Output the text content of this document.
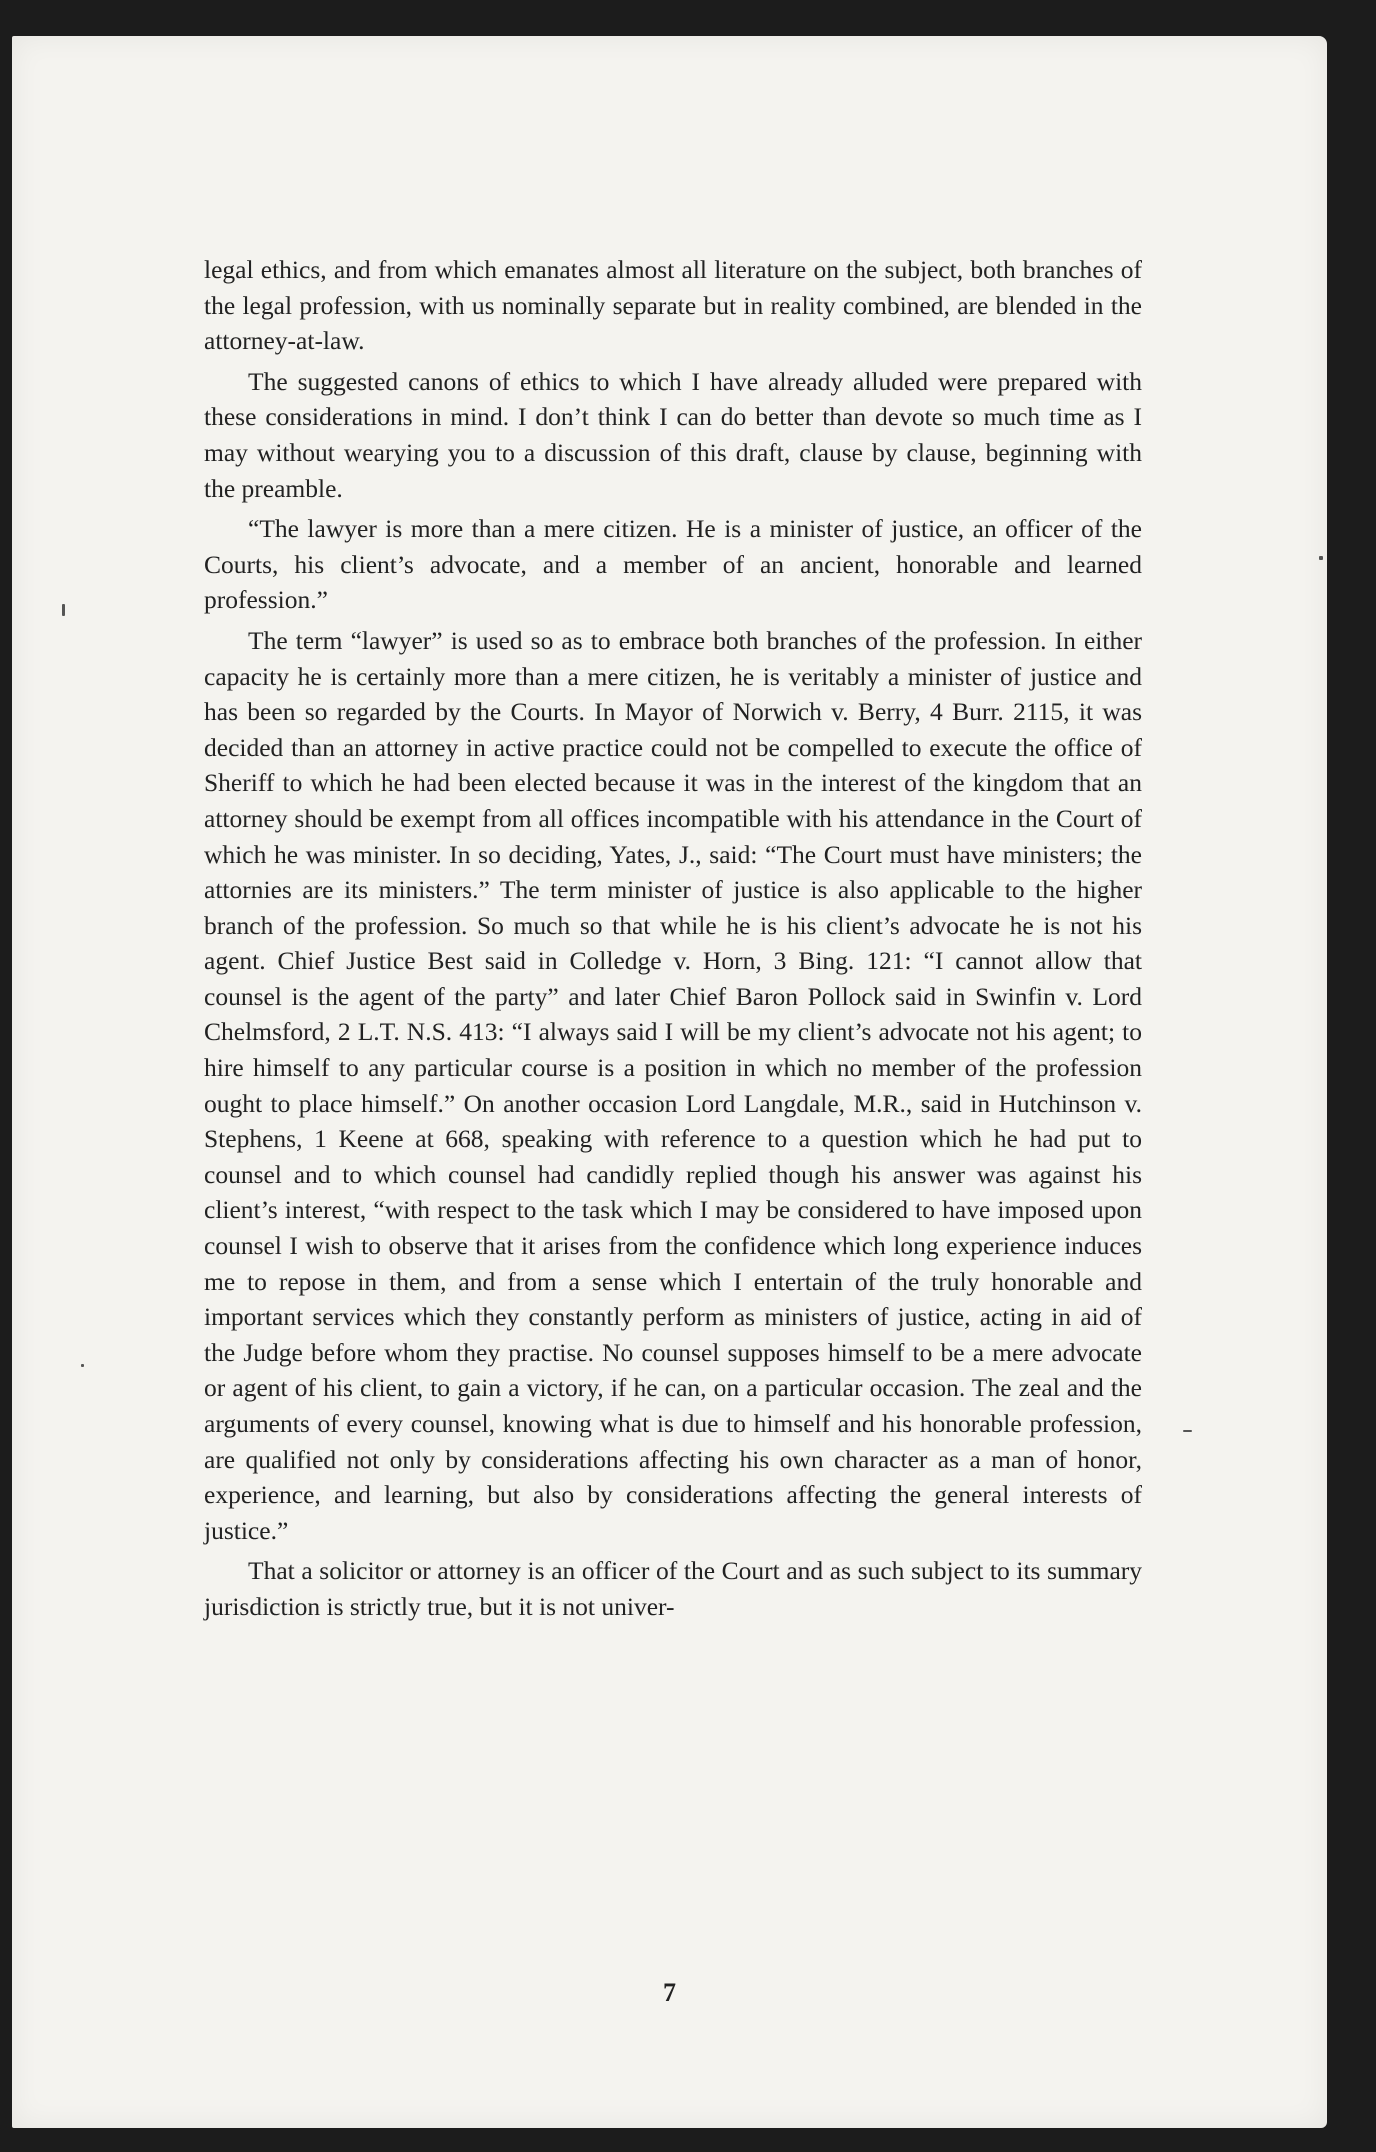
legal ethics, and from which emanates almost all literature on the subject, both branches of the legal profession, with us nominally separate but in reality combined, are blended in the attorney-at-law.

The suggested canons of ethics to which I have already alluded were prepared with these considerations in mind. I don’t think I can do better than devote so much time as I may without wearying you to a discussion of this draft, clause by clause, beginning with the preamble.

“The lawyer is more than a mere citizen. He is a minister of justice, an officer of the Courts, his client’s advocate, and a member of an ancient, honorable and learned profession.”

The term “lawyer” is used so as to embrace both branches of the profession. In either capacity he is certainly more than a mere citizen, he is veritably a minister of justice and has been so regarded by the Courts. In Mayor of Norwich v. Berry, 4 Burr. 2115, it was decided than an attorney in active practice could not be compelled to execute the office of Sheriff to which he had been elected because it was in the interest of the kingdom that an attorney should be exempt from all offices incompatible with his attendance in the Court of which he was minister. In so deciding, Yates, J., said: “The Court must have ministers; the attornies are its ministers.” The term minister of justice is also applicable to the higher branch of the profession. So much so that while he is his client’s advocate he is not his agent. Chief Justice Best said in Colledge v. Horn, 3 Bing. 121: “I cannot allow that counsel is the agent of the party” and later Chief Baron Pollock said in Swinfin v. Lord Chelmsford, 2 L.T. N.S. 413: “I always said I will be my client’s advocate not his agent; to hire himself to any particular course is a position in which no member of the profession ought to place himself.” On another occasion Lord Langdale, M.R., said in Hutchinson v. Stephens, 1 Keene at 668, speaking with reference to a question which he had put to counsel and to which counsel had candidly replied though his answer was against his client’s interest, “with respect to the task which I may be considered to have imposed upon counsel I wish to observe that it arises from the confidence which long experience induces me to repose in them, and from a sense which I entertain of the truly honorable and important services which they constantly perform as ministers of justice, acting in aid of the Judge before whom they practise. No counsel supposes himself to be a mere advocate or agent of his client, to gain a victory, if he can, on a particular occasion. The zeal and the arguments of every counsel, knowing what is due to himself and his honorable profession, are qualified not only by considerations affecting his own character as a man of honor, experience, and learning, but also by considerations affecting the general interests of justice.”

That a solicitor or attorney is an officer of the Court and as such subject to its summary jurisdiction is strictly true, but it is not univer-

7
